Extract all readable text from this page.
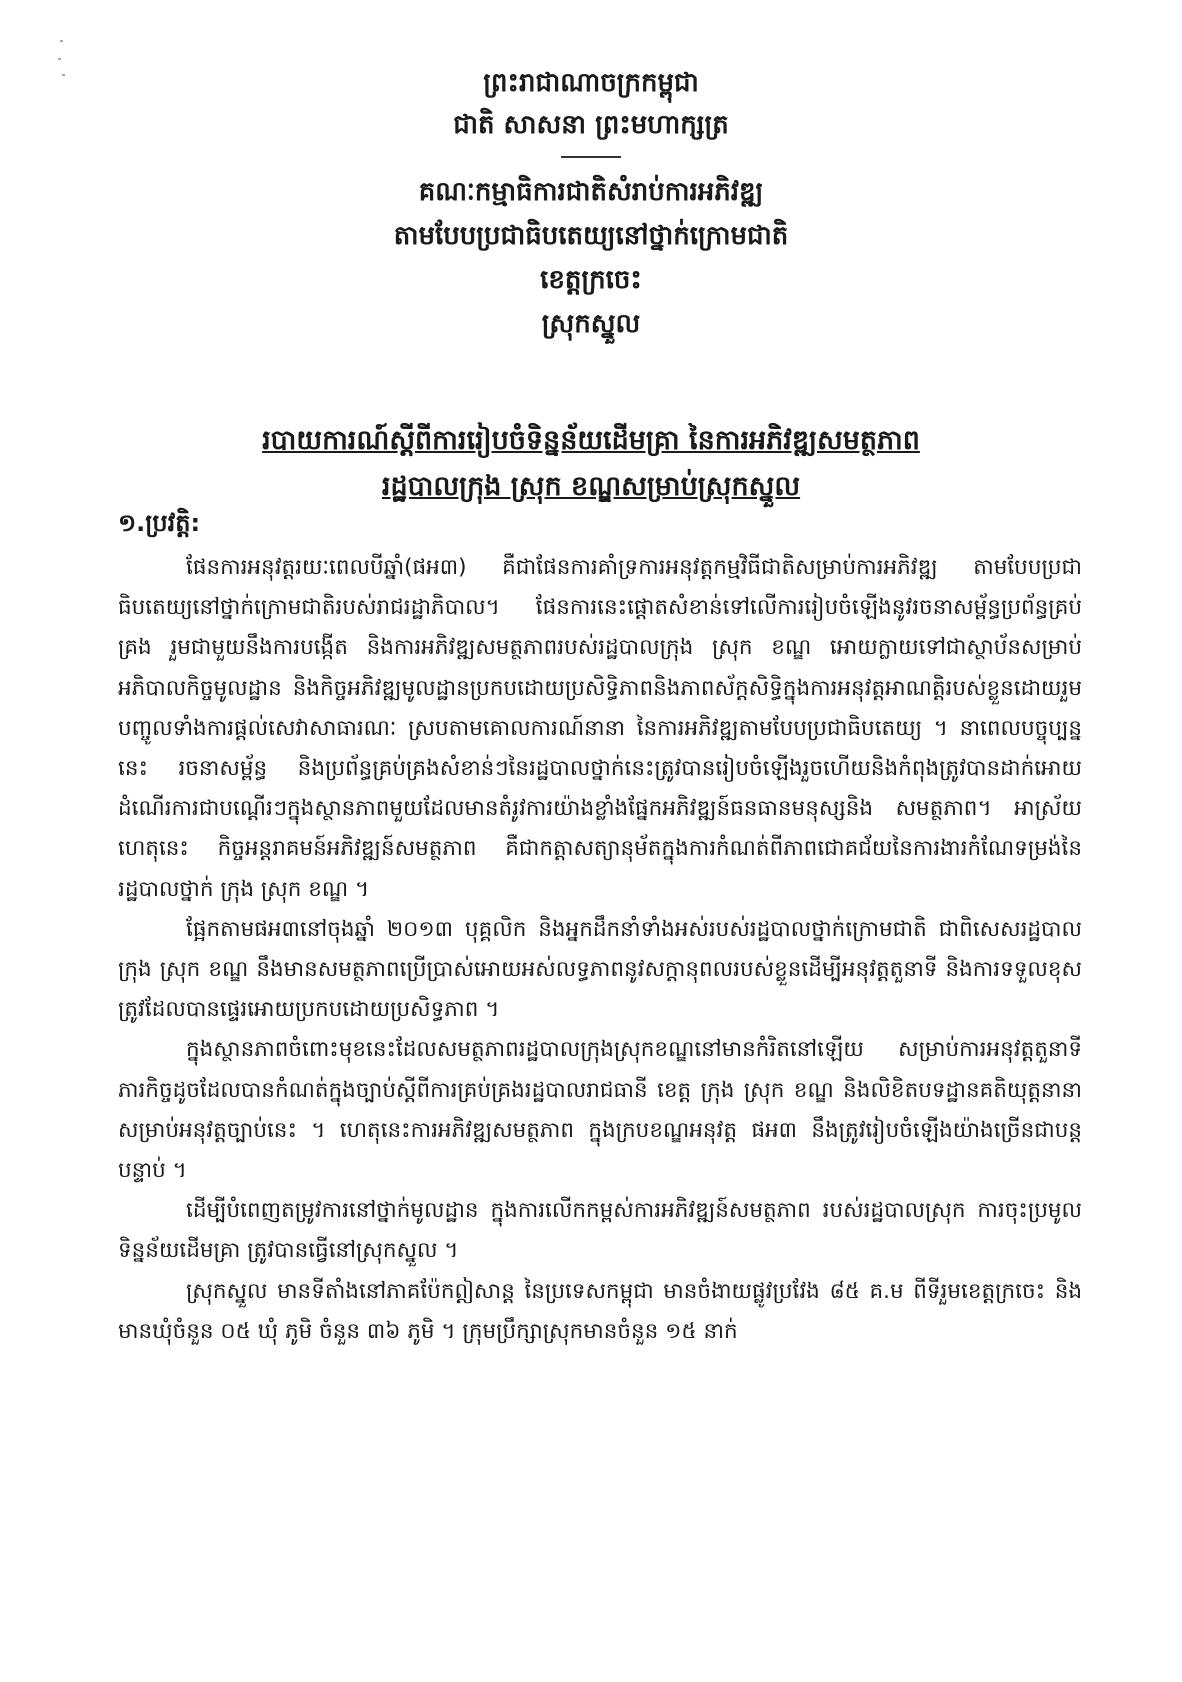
ព្រះរាជាណាចក្រកម្ពុជា
ជាតិ សាសនា ព្រះមហាក្សត្រ
គណៈកម្មាធិការជាតិសំរាប់ការអភិវឌ្ឍ
តាមបែបប្រជាធិបតេយ្យនៅថ្នាក់ក្រោមជាតិ
ខេត្តក្រចេះ
ស្រុកស្នួល
របាយការណ៍ស្តីពីការរៀបចំទិន្នន័យដើមគ្រា នៃការអភិវឌ្ឍសមត្ថភាព
រដ្ឋបាលក្រុង ស្រុក ខណ្ឌសម្រាប់ស្រុកស្នួល
១.ប្រវត្តិ:

ផែនការអនុវត្តរយៈពេលបីឆ្នាំ(ផអ៣) គឺជាផែនការគាំទ្រការអនុវត្តកម្មវិធីជាតិសម្រាប់ការអភិវឌ្ឍ តាមបែបប្រជាធិបតេយ្យនៅថ្នាក់ក្រោមជាតិរបស់រាជរដ្ឋាភិបាល។ ផែនការនេះផ្តោតសំខាន់ទៅលើការរៀបចំឡើងនូវរចនាសម្ព័ន្ធប្រព័ន្ធគ្រប់គ្រង រួមជាមួយនឹងការបង្កើត និងការអភិវឌ្ឍសមត្ថភាពរបស់រដ្ឋបាលក្រុង ស្រុក ខណ្ឌ អោយក្លាយទៅជាស្ថាប័នសម្រាប់អភិបាលកិច្ចមូលដ្ឋាន និងកិច្ចអភិវឌ្ឍមូលដ្ឋានប្រកបដោយប្រសិទ្ធិភាពនិងភាពស័ក្តសិទ្ធិក្នុងការអនុវត្តអាណត្តិរបស់ខ្លួនដោយរួមបញ្ចូលទាំងការផ្តល់សេវាសាធារណៈ ស្របតាមគោលការណ៍នានា នៃការអភិវឌ្ឍតាមបែបប្រជាធិបតេយ្យ ។ នាពេលបច្ចុប្បន្ននេះ រចនាសម្ព័ន្ធ និងប្រព័ន្ធគ្រប់គ្រងសំខាន់ៗនៃរដ្ឋបាលថ្នាក់នេះត្រូវបានរៀបចំឡើងរួចហើយនិងកំពុងត្រូវបានដាក់អោយដំណើរការជាបណ្តើរៗក្នុងស្ថានភាពមួយដែលមានតំរូវការយ៉ាងខ្លាំងផ្នែកអភិវឌ្ឍន៍ធនធានមនុស្សនិង សមត្ថភាព។ អាស្រ័យហេតុនេះ កិច្ចអន្តរាគមន៍អភិវឌ្ឍន៍សមត្ថភាព គឺជាកត្តាសត្យានុម័តក្នុងការកំណត់ពីភាពជោគជ័យនៃការងារកំណែទម្រង់នៃរដ្ឋបាលថ្នាក់ ក្រុង ស្រុក ខណ្ឌ ។

ផ្អែកតាមផអ៣នៅចុងឆ្នាំ ២០១៣ បុគ្គលិក និងអ្នកដឹកនាំទាំងអស់របស់រដ្ឋបាលថ្នាក់ក្រោមជាតិ ជាពិសេសរដ្ឋបាល ក្រុង ស្រុក ខណ្ឌ នឹងមានសមត្ថភាពប្រើប្រាស់អោយអស់លទ្ធភាពនូវសក្តានុពលរបស់ខ្លួនដើម្បីអនុវត្តតួនាទី និងការទទួលខុស ត្រូវដែលបានផ្ទេរអោយប្រកបដោយប្រសិទ្ធភាព ។

ក្នុងស្ថានភាពចំពោះមុខនេះដែលសមត្ថភាពរដ្ឋបាលក្រុងស្រុកខណ្ឌនៅមានកំរិតនៅឡើយ សម្រាប់ការអនុវត្តតួនាទីភារកិច្ចដូចដែលបានកំណត់ក្នុងច្បាប់ស្តីពីការគ្រប់គ្រងរដ្ឋបាលរាជធានី ខេត្ត ក្រុង ស្រុក ខណ្ឌ និងលិខិតបទដ្ឋានគតិយុត្តនានាសម្រាប់អនុវត្តច្បាប់នេះ ។ ហេតុនេះការអភិវឌ្ឍសមត្ថភាព ក្នុងក្របខណ្ឌអនុវត្ត ផអ៣ នឹងត្រូវរៀបចំឡើងយ៉ាងច្រើនជាបន្តបន្ទាប់ ។

ដើម្បីបំពេញតម្រូវការនៅថ្នាក់មូលដ្ឋាន ក្នុងការលើកកម្ពស់ការអភិវឌ្ឍន៍សមត្ថភាព របស់រដ្ឋបាលស្រុក ការចុះប្រមូលទិន្នន័យដើមគ្រា ត្រូវបានធ្វើនៅស្រុកស្នួល ។

ស្រុកស្នួល មានទីតាំងនៅភាគប៉ែកឦសាន្ត នៃប្រទេសកម្ពុជា មានចំងាយផ្លូវប្រវែង ៨៥ គ.ម ពីទីរួមខេត្តក្រចេះ និងមានឃុំចំនួន ០៥ ឃុំ ភូមិ ចំនួន ៣៦ ភូមិ ។ ក្រុមប្រឹក្សាស្រុកមានចំនួន ១៥ នាក់
